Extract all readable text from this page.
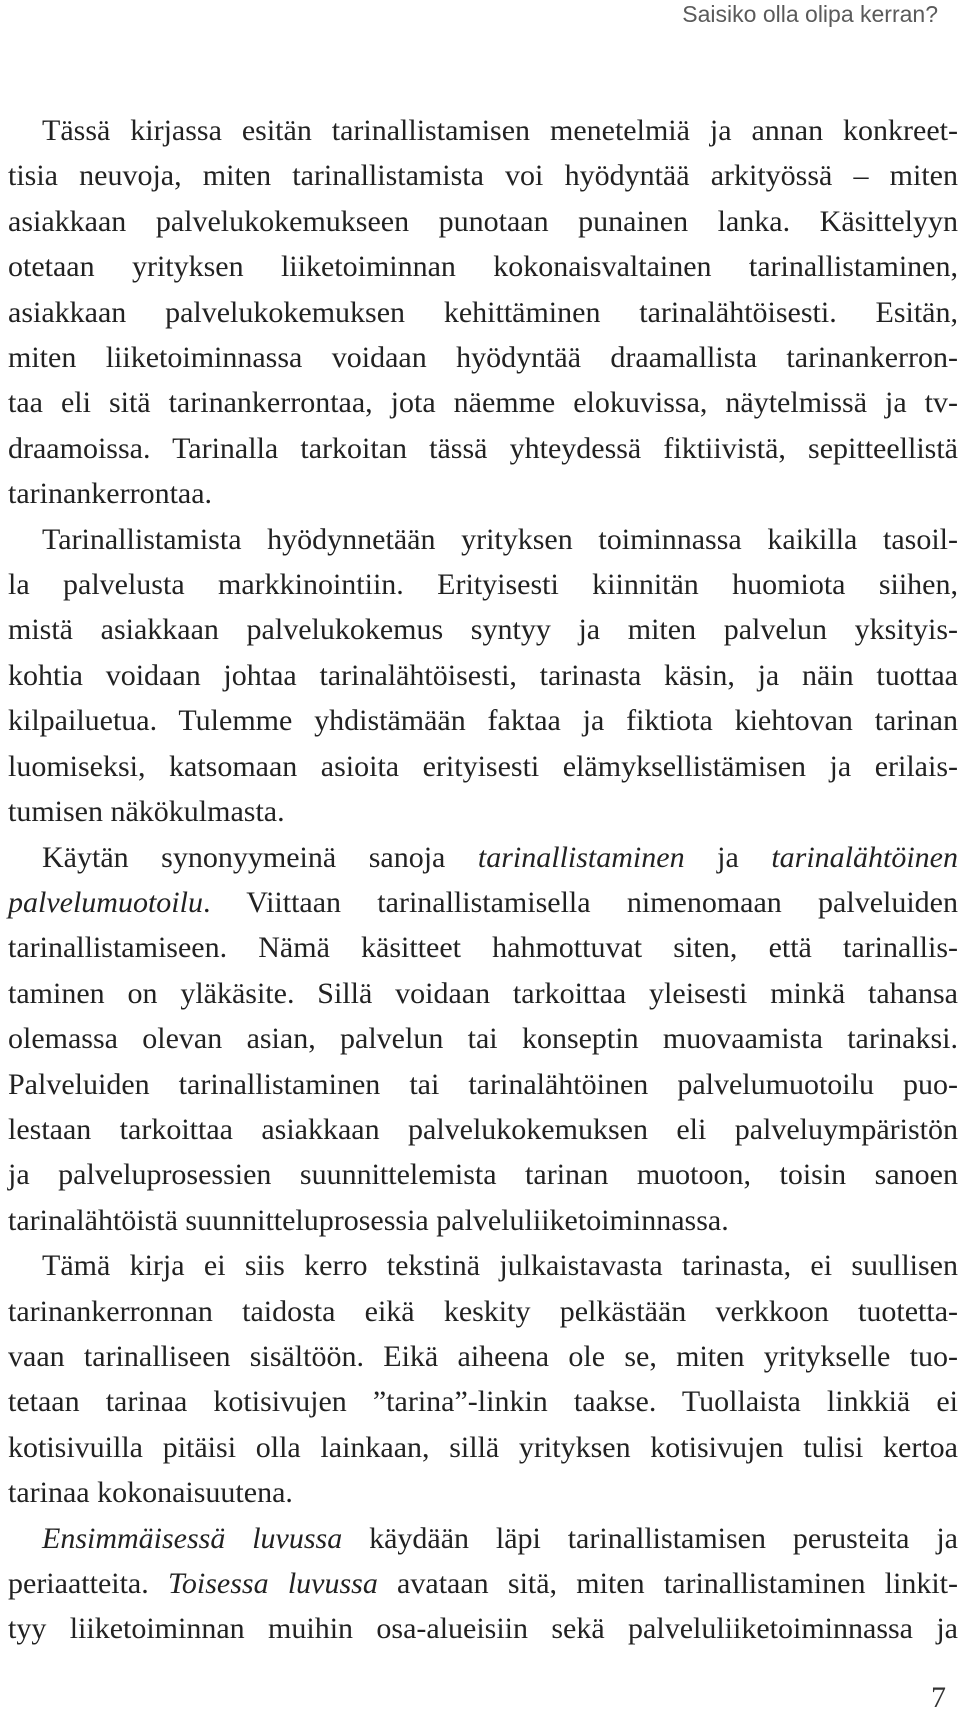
Saisiko olla olipa kerran?

Tässä kirjassa esitän tarinallistamisen menetelmiä ja annan konkreet-
tisia neuvoja, miten tarinallistamista voi hyödyntää arkityössä – miten
asiakkaan palvelukokemukseen punotaan punainen lanka. Käsittelyyn
otetaan yrityksen liiketoiminnan kokonaisvaltainen tarinallistaminen,
asiakkaan palvelukokemuksen kehittäminen tarinalähtöisesti. Esitän,
miten liiketoiminnassa voidaan hyödyntää draamallista tarinankerron-
taa eli sitä tarinankerrontaa, jota näemme elokuvissa, näytelmissä ja tv-
draamoissa. Tarinalla tarkoitan tässä yhteydessä fiktiivistä, sepitteellistä
tarinankerrontaa.

Tarinallistamista hyödynnetään yrityksen toiminnassa kaikilla tasoil-
la palvelusta markkinointiin. Erityisesti kiinnitän huomiota siihen,
mistä asiakkaan palvelukokemus syntyy ja miten palvelun yksityis-
kohtia voidaan johtaa tarinalähtöisesti, tarinasta käsin, ja näin tuottaa
kilpailuetua. Tulemme yhdistämään faktaa ja fiktiota kiehtovan tarinan
luomiseksi, katsomaan asioita erityisesti elämyksellistämisen ja erilais-
tumisen näkökulmasta.

Käytän synonyymeinä sanoja tarinallistaminen ja tarinalähtöinen
palvelumuotoilu. Viittaan tarinallistamisella nimenomaan palveluiden
tarinallistamiseen. Nämä käsitteet hahmottuvat siten, että tarinallis-
taminen on yläkäsite. Sillä voidaan tarkoittaa yleisesti minkä tahansa
olemassa olevan asian, palvelun tai konseptin muovaamista tarinaksi.
Palveluiden tarinallistaminen tai tarinalähtöinen palvelumuotoilu puo-
lestaan tarkoittaa asiakkaan palvelukokemuksen eli palveluympäristön
ja palveluprosessien suunnittelemista tarinan muotoon, toisin sanoen
tarinalähtöistä suunnitteluprosessia palveluliiketoiminnassa.

Tämä kirja ei siis kerro tekstinä julkaistavasta tarinasta, ei suullisen
tarinankerronnan taidosta eikä keskity pelkästään verkkoon tuotetta-
vaan tarinalliseen sisältöön. Eikä aiheena ole se, miten yritykselle tuo-
tetaan tarinaa kotisivujen ”tarina”-linkin taakse. Tuollaista linkkiä ei
kotisivuilla pitäisi olla lainkaan, sillä yrityksen kotisivujen tulisi kertoa
tarinaa kokonaisuutena.

Ensimmäisessä luvussa käydään läpi tarinallistamisen perusteita ja
periaatteita. Toisessa luvussa avataan sitä, miten tarinallistaminen linkit-
tyy liiketoiminnan muihin osa-alueisiin sekä palveluliiketoiminnassa ja

7
